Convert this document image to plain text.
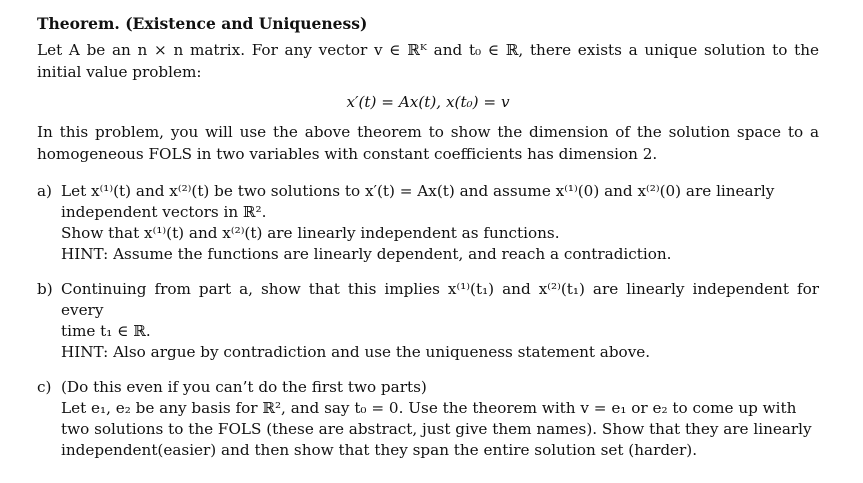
Theorem. (Existence and Uniqueness)

Let A be an n × n matrix. For any vector v ∈ ℝᴷ and t₀ ∈ ℝ, there exists a unique solution to the initial value problem:

x′(t) = Ax(t), x(t₀) = v

In this problem, you will use the above theorem to show the dimension of the solution space to a homogeneous FOLS in two variables with constant coefficients has dimension 2.

a) Let x⁽¹⁾(t) and x⁽²⁾(t) be two solutions to x′(t) = Ax(t) and assume x⁽¹⁾(0) and x⁽²⁾(0) are linearly
independent vectors in ℝ².
Show that x⁽¹⁾(t) and x⁽²⁾(t) are linearly independent as functions.
HINT: Assume the functions are linearly dependent, and reach a contradiction.
b) Continuing from part a, show that this implies x⁽¹⁾(t₁) and x⁽²⁾(t₁) are linearly independent for every
time t₁ ∈ ℝ.
HINT: Also argue by contradiction and use the uniqueness statement above.
c) (Do this even if you can’t do the first two parts)
Let e₁, e₂ be any basis for ℝ², and say t₀ = 0. Use the theorem with v = e₁ or e₂ to come up with
two solutions to the FOLS (these are abstract, just give them names). Show that they are linearly
independent(easier) and then show that they span the entire solution set (harder).
